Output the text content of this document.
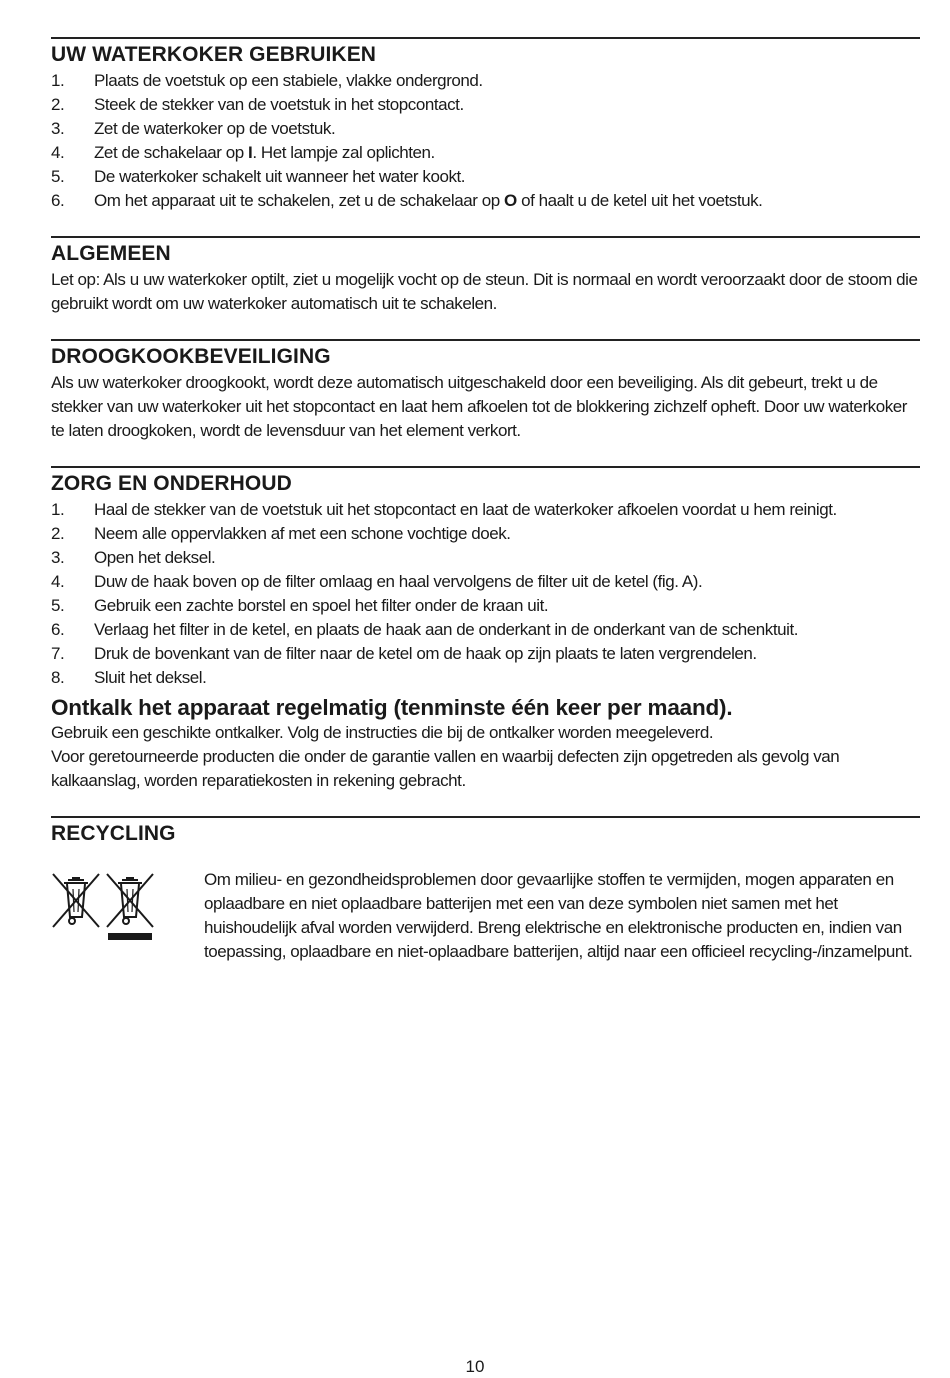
UW WATERKOKER GEBRUIKEN
1.	Plaats de voetstuk op een stabiele, vlakke ondergrond.
2.	Steek de stekker van de voetstuk in het stopcontact.
3.	Zet de waterkoker op de voetstuk.
4.	Zet de schakelaar op I. Het lampje zal oplichten.
5.	De waterkoker schakelt uit wanneer het water kookt.
6.	Om het apparaat uit te schakelen, zet u de schakelaar op O of haalt u de ketel uit het voetstuk.
ALGEMEEN

Let op: Als u uw waterkoker optilt, ziet u mogelijk vocht op de steun. Dit is normaal en wordt veroorzaakt door de stoom die gebruikt wordt om uw waterkoker automatisch uit te schakelen.

DROOGKOOKBEVEILIGING

Als uw waterkoker droogkookt, wordt deze automatisch uitgeschakeld door een beveiliging. Als dit gebeurt, trekt u de stekker van uw waterkoker uit het stopcontact en laat hem afkoelen tot de blokkering zichzelf opheft. Door uw waterkoker te laten droogkoken, wordt de levensduur van het element verkort.

ZORG EN ONDERHOUD
1.	Haal de stekker van de voetstuk uit het stopcontact en laat de waterkoker afkoelen voordat u hem reinigt.
2.	Neem alle oppervlakken af met een schone vochtige doek.
3.	Open het deksel.
4.	Duw de haak boven op de filter omlaag en haal vervolgens de filter uit de ketel (fig. A).
5.	Gebruik een zachte borstel en spoel het filter onder de kraan uit.
6.	Verlaag het filter in de ketel, en plaats de haak aan de onderkant in de onderkant van de schenktuit.
7.	Druk de bovenkant van de filter naar de ketel om de haak op zijn plaats te laten vergrendelen.
8.	Sluit het deksel.
Ontkalk het apparaat regelmatig (tenminste één keer per maand).

Gebruik een geschikte ontkalker. Volg de instructies die bij de ontkalker worden meegeleverd.

Voor geretourneerde producten die onder de garantie vallen en waarbij defecten zijn opgetreden als gevolg van kalkaanslag, worden reparatiekosten in rekening gebracht.

RECYCLING

Om milieu- en gezondheidsproblemen door gevaarlijke stoffen te vermijden, mogen apparaten en oplaadbare en niet oplaadbare batterijen met een van deze symbolen niet samen met het huishoudelijk afval worden verwijderd. Breng elektrische en elektronische producten en, indien van toepassing, oplaadbare en niet-oplaadbare batterijen, altijd naar een officieel recycling-/inzamelpunt.

10
